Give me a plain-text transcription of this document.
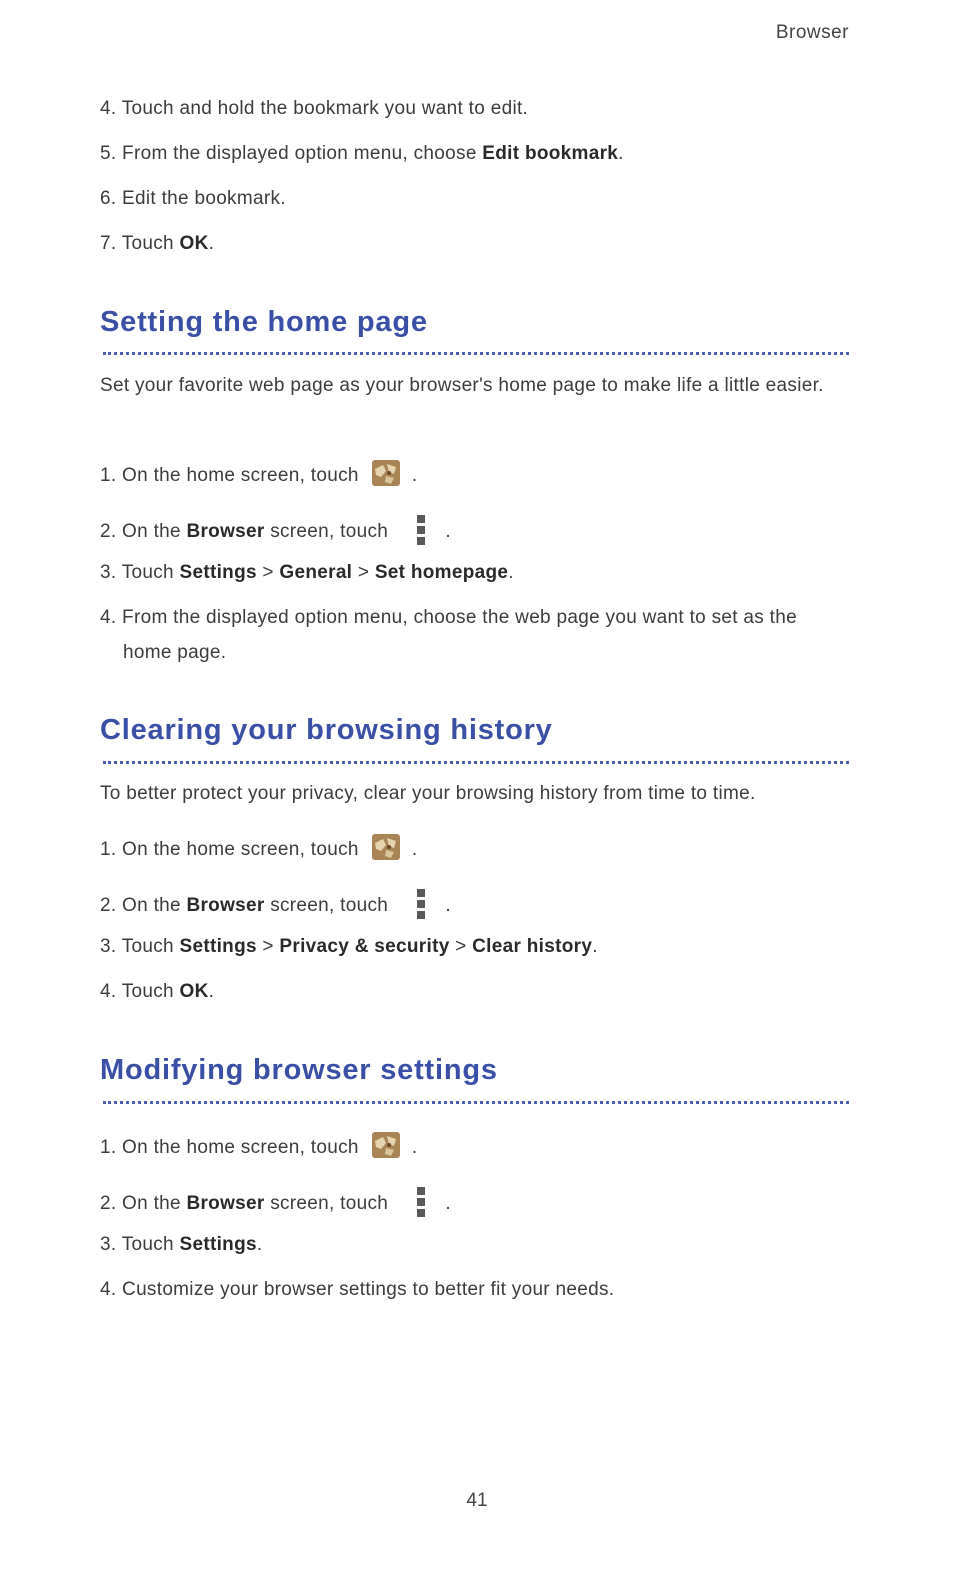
Browser
4. Touch and hold the bookmark you want to edit.
5. From the displayed option menu, choose Edit bookmark.
6. Edit the bookmark.
7. Touch OK.
Setting the home page
Set your favorite web page as your browser's home page to make life a little easier.
1. On the home screen, touch	.
2. On the Browser screen, touch	.
3. Touch Settings > General > Set homepage.
4. From the displayed option menu, choose the web page you want to set as the
home page.
Clearing your browsing history
To better protect your privacy, clear your browsing history from time to time.
1. On the home screen, touch	.
2. On the Browser screen, touch	.
3. Touch Settings > Privacy & security > Clear history.
4. Touch OK.
Modifying browser settings
1. On the home screen, touch	.
2. On the Browser screen, touch	.
3. Touch Settings.
4. Customize your browser settings to better fit your needs.
41
